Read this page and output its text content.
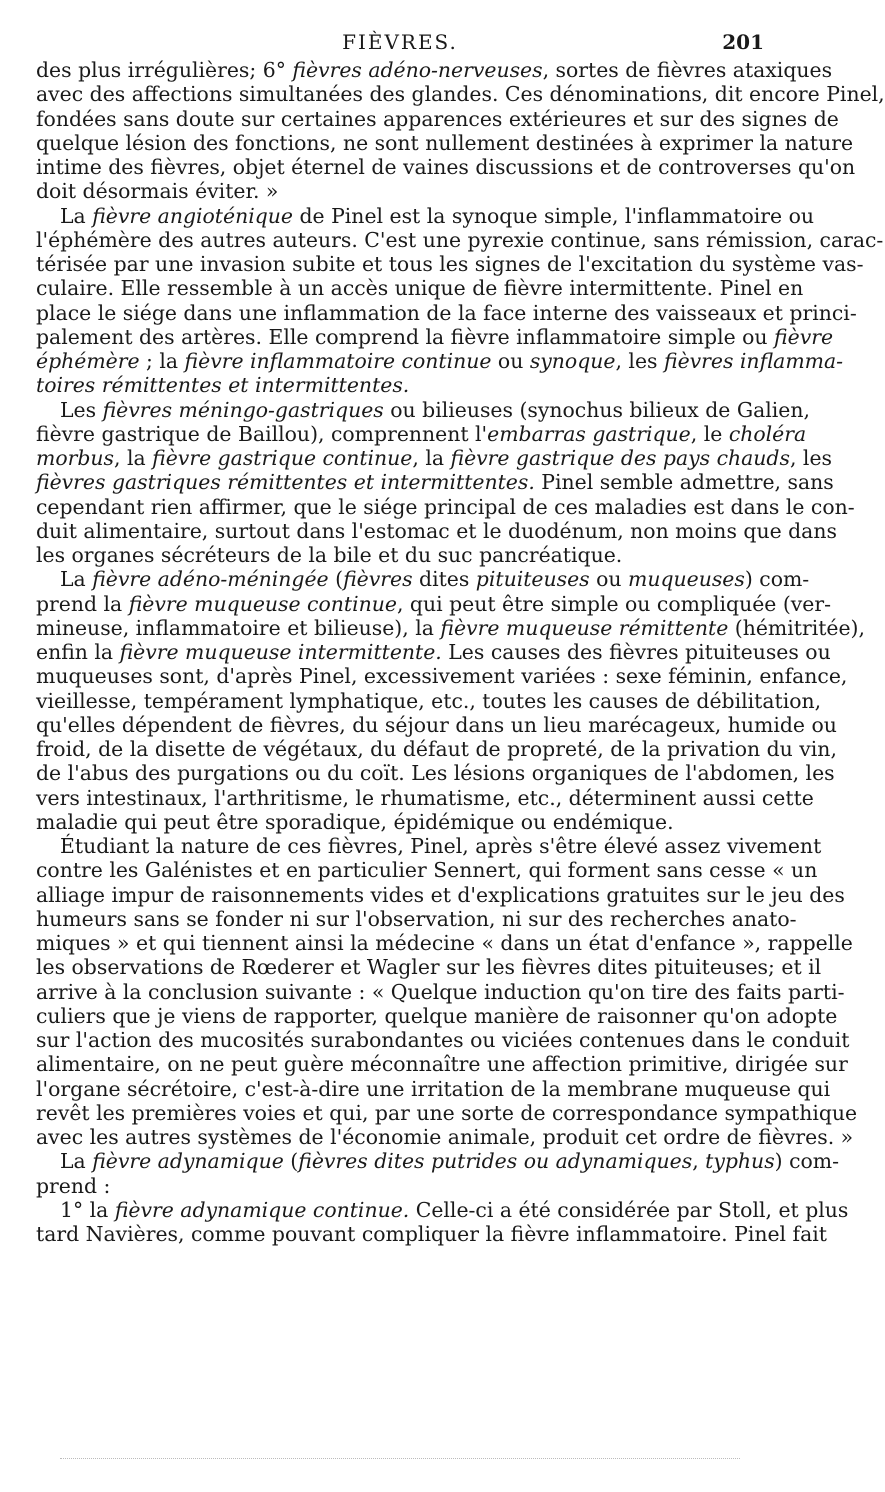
FIÈVRES.	201
des plus irrégulières; 6° fièvres adéno-nerveuses, sortes de fièvres ataxiques
avec des affections simultanées des glandes. Ces dénominations, dit encore Pinel,
fondées sans doute sur certaines apparences extérieures et sur des signes de
quelque lésion des fonctions, ne sont nullement destinées à exprimer la nature
intime des fièvres, objet éternel de vaines discussions et de controverses qu'on
doit désormais éviter. »
La fièvre angioténique de Pinel est la synoque simple, l'inflammatoire ou
l'éphémère des autres auteurs. C'est une pyrexie continue, sans rémission, carac-
térisée par une invasion subite et tous les signes de l'excitation du système vas-
culaire. Elle ressemble à un accès unique de fièvre intermittente. Pinel en
place le siége dans une inflammation de la face interne des vaisseaux et princi-
palement des artères. Elle comprend la fièvre inflammatoire simple ou fièvre
éphémère ; la fièvre inflammatoire continue ou synoque, les fièvres inflamma-
toires rémittentes et intermittentes.
Les fièvres méningo-gastriques ou bilieuses (synochus bilieux de Galien,
fièvre gastrique de Baillou), comprennent l'embarras gastrique, le choléra
morbus, la fièvre gastrique continue, la fièvre gastrique des pays chauds, les
fièvres gastriques rémittentes et intermittentes. Pinel semble admettre, sans
cependant rien affirmer, que le siége principal de ces maladies est dans le con-
duit alimentaire, surtout dans l'estomac et le duodénum, non moins que dans
les organes sécréteurs de la bile et du suc pancréatique.
La fièvre adéno-méningée (fièvres dites pituiteuses ou muqueuses) com-
prend la fièvre muqueuse continue, qui peut être simple ou compliquée (ver-
mineuse, inflammatoire et bilieuse), la fièvre muqueuse rémittente (hémitritée),
enfin la fièvre muqueuse intermittente. Les causes des fièvres pituiteuses ou
muqueuses sont, d'après Pinel, excessivement variées : sexe féminin, enfance,
vieillesse, tempérament lymphatique, etc., toutes les causes de débilitation,
qu'elles dépendent de fièvres, du séjour dans un lieu marécageux, humide ou
froid, de la disette de végétaux, du défaut de propreté, de la privation du vin,
de l'abus des purgations ou du coït. Les lésions organiques de l'abdomen, les
vers intestinaux, l'arthritisme, le rhumatisme, etc., déterminent aussi cette
maladie qui peut être sporadique, épidémique ou endémique.
Étudiant la nature de ces fièvres, Pinel, après s'être élevé assez vivement
contre les Galénistes et en particulier Sennert, qui forment sans cesse « un
alliage impur de raisonnements vides et d'explications gratuites sur le jeu des
humeurs sans se fonder ni sur l'observation, ni sur des recherches anato-
miques » et qui tiennent ainsi la médecine « dans un état d'enfance », rappelle
les observations de Rœderer et Wagler sur les fièvres dites pituiteuses; et il
arrive à la conclusion suivante : « Quelque induction qu'on tire des faits parti-
culiers que je viens de rapporter, quelque manière de raisonner qu'on adopte
sur l'action des mucosités surabondantes ou viciées contenues dans le conduit
alimentaire, on ne peut guère méconnaître une affection primitive, dirigée sur
l'organe sécrétoire, c'est-à-dire une irritation de la membrane muqueuse qui
revêt les premières voies et qui, par une sorte de correspondance sympathique
avec les autres systèmes de l'économie animale, produit cet ordre de fièvres. »
La fièvre adynamique (fièvres dites putrides ou adynamiques, typhus) com-
prend :
1° la fièvre adynamique continue. Celle-ci a été considérée par Stoll, et plus
tard Navières, comme pouvant compliquer la fièvre inflammatoire. Pinel fait
